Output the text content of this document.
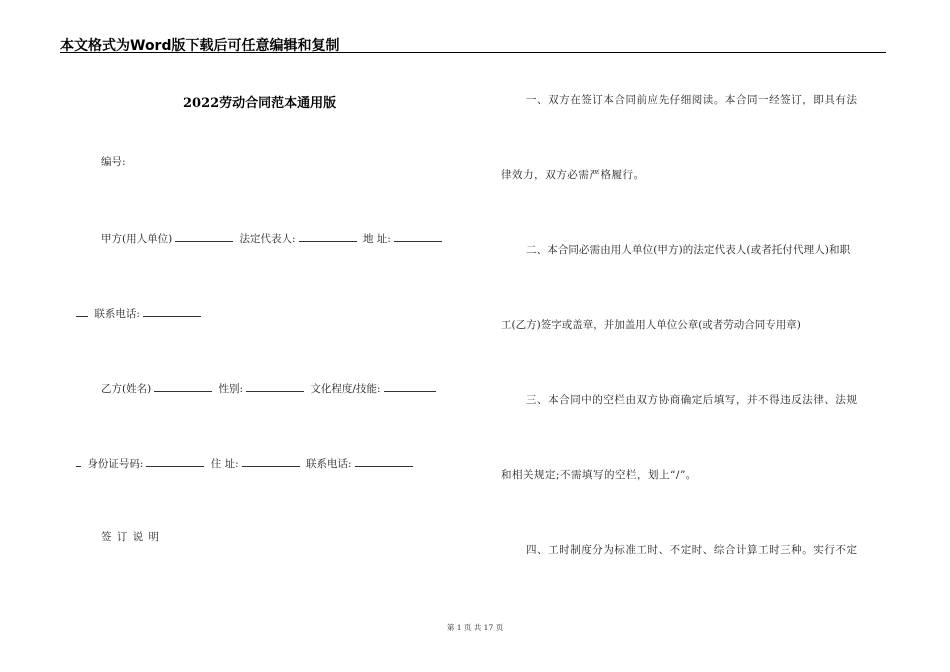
本文格式为Word版下载后可任意编辑和复制
2022劳动合同范本通用版
编号:
甲方(用人单位)	法定代表人:	地 址:
联系电话:
乙方(姓名)	性别:	文化程度/技能:
身份证号码:	住 址:	联系电话:
签 订 说 明
一、双方在签订本合同前应先仔细阅读。本合同一经签订，即具有法
律效力，双方必需严格履行。
二、本合同必需由用人单位(甲方)的法定代表人(或者托付代理人)和职
工(乙方)签字或盖章，并加盖用人单位公章(或者劳动合同专用章)
三、本合同中的空栏由双方协商确定后填写，并不得违反法律、法规
和相关规定;不需填写的空栏，划上“/”。
四、工时制度分为标准工时、不定时、综合计算工时三种。实行不定
第 1 页 共 17 页
